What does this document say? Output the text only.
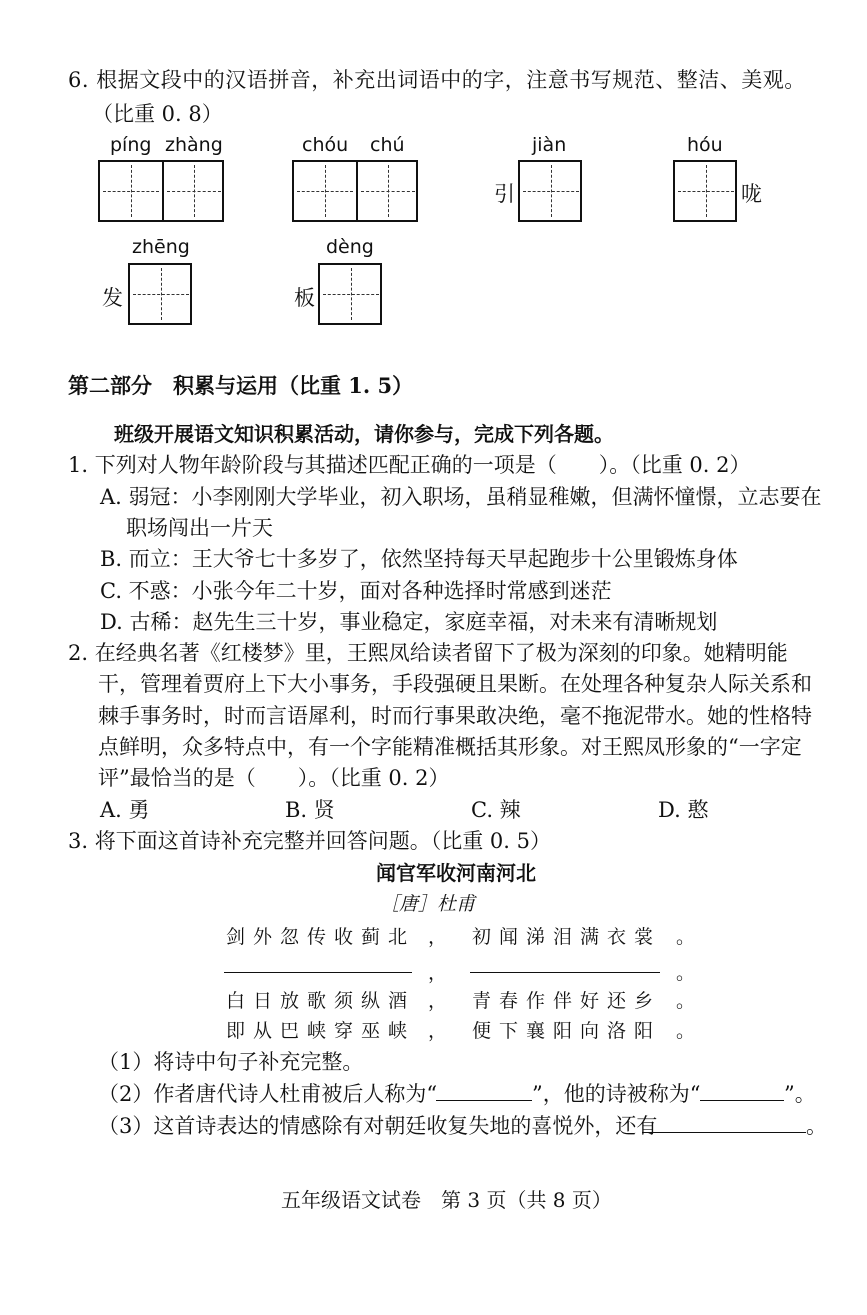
6. 根据文段中的汉语拼音，补充出词语中的字，注意书写规范、整洁、美观。
（比重 0. 8）
píng zhàng	chóu chú	jiàn
引
hóu
咙
zhēng
发
dèng
板
第二部分　积累与运用（比重 1. 5）
班级开展语文知识积累活动，请你参与，完成下列各题。
1. 下列对人物年龄阶段与其描述匹配正确的一项是（　　）。（比重 0. 2）
A. 弱冠：小李刚刚大学毕业，初入职场，虽稍显稚嫩，但满怀憧憬，立志要在
职场闯出一片天
B. 而立：王大爷七十多岁了，依然坚持每天早起跑步十公里锻炼身体
C. 不惑：小张今年二十岁，面对各种选择时常感到迷茫
D. 古稀：赵先生三十岁，事业稳定，家庭幸福，对未来有清晰规划
2. 在经典名著《红楼梦》里，王熙凤给读者留下了极为深刻的印象。她精明能
干，管理着贾府上下大小事务，手段强硬且果断。在处理各种复杂人际关系和
棘手事务时，时而言语犀利，时而行事果敢决绝，毫不拖泥带水。她的性格特
点鲜明，众多特点中，有一个字能精准概括其形象。对王熙凤形象的“一字定
评”最恰当的是（　　）。（比重 0. 2）
A. 勇	B. 贤	C. 辣	D. 憨
3. 将下面这首诗补充完整并回答问题。（比重 0. 5）
闻官军收河南河北
［唐］杜甫
剑外忽传收蓟北 ， 初闻涕泪满衣裳 。
，	。
白日放歌须纵酒 ， 青春作伴好还乡 。
即从巴峡穿巫峡 ， 便下襄阳向洛阳 。
（1）将诗中句子补充完整。
（2）作者唐代诗人杜甫被后人称为“	”，他的诗被称为“	”。
（3）这首诗表达的情感除有对朝廷收复失地的喜悦外，还有	。
五年级语文试卷　第 3 页（共 8 页）
